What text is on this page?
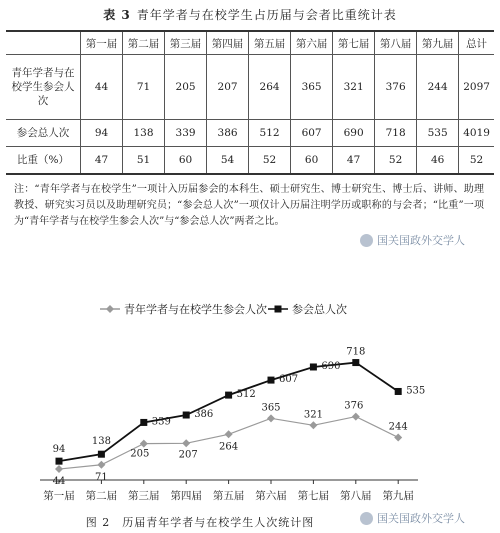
表 3 青年学者与在校学生占历届与会者比重统计表
	第一届	第二届	第三届	第四届	第五届	第六届	第七届	第八届	第九届	总计
青年学者与在校学生参会人次	44	71	205	207	264	365	321	376	244	2097
参会总人次	94	138	339	386	512	607	690	718	535	4019
比重（%）	47	51	60	54	52	60	47	52	46	52
注：“青年学者与在校学生”一项计入历届参会的本科生、硕士研究生、博士研究生、博士后、讲师、助理教授、研究实习员以及助理研究员；“参会总人次”一项仅计入历届注明学历或职称的与会者；“比重”一项为“青年学者与在校学生参会人次”与“参会总人次”两者之比。
国关国政外交学人
第一届 第二届 第三届 第四届 第五届 第六届 第七届 第八届 第九届
44	71
205	207
264
365
321
376
244
94
138
339
386
512
607
690
718
535
青年学者与在校学生参会人次 参会总人次
图 2　历届青年学者与在校学生人次统计图	国关国政外交学人
